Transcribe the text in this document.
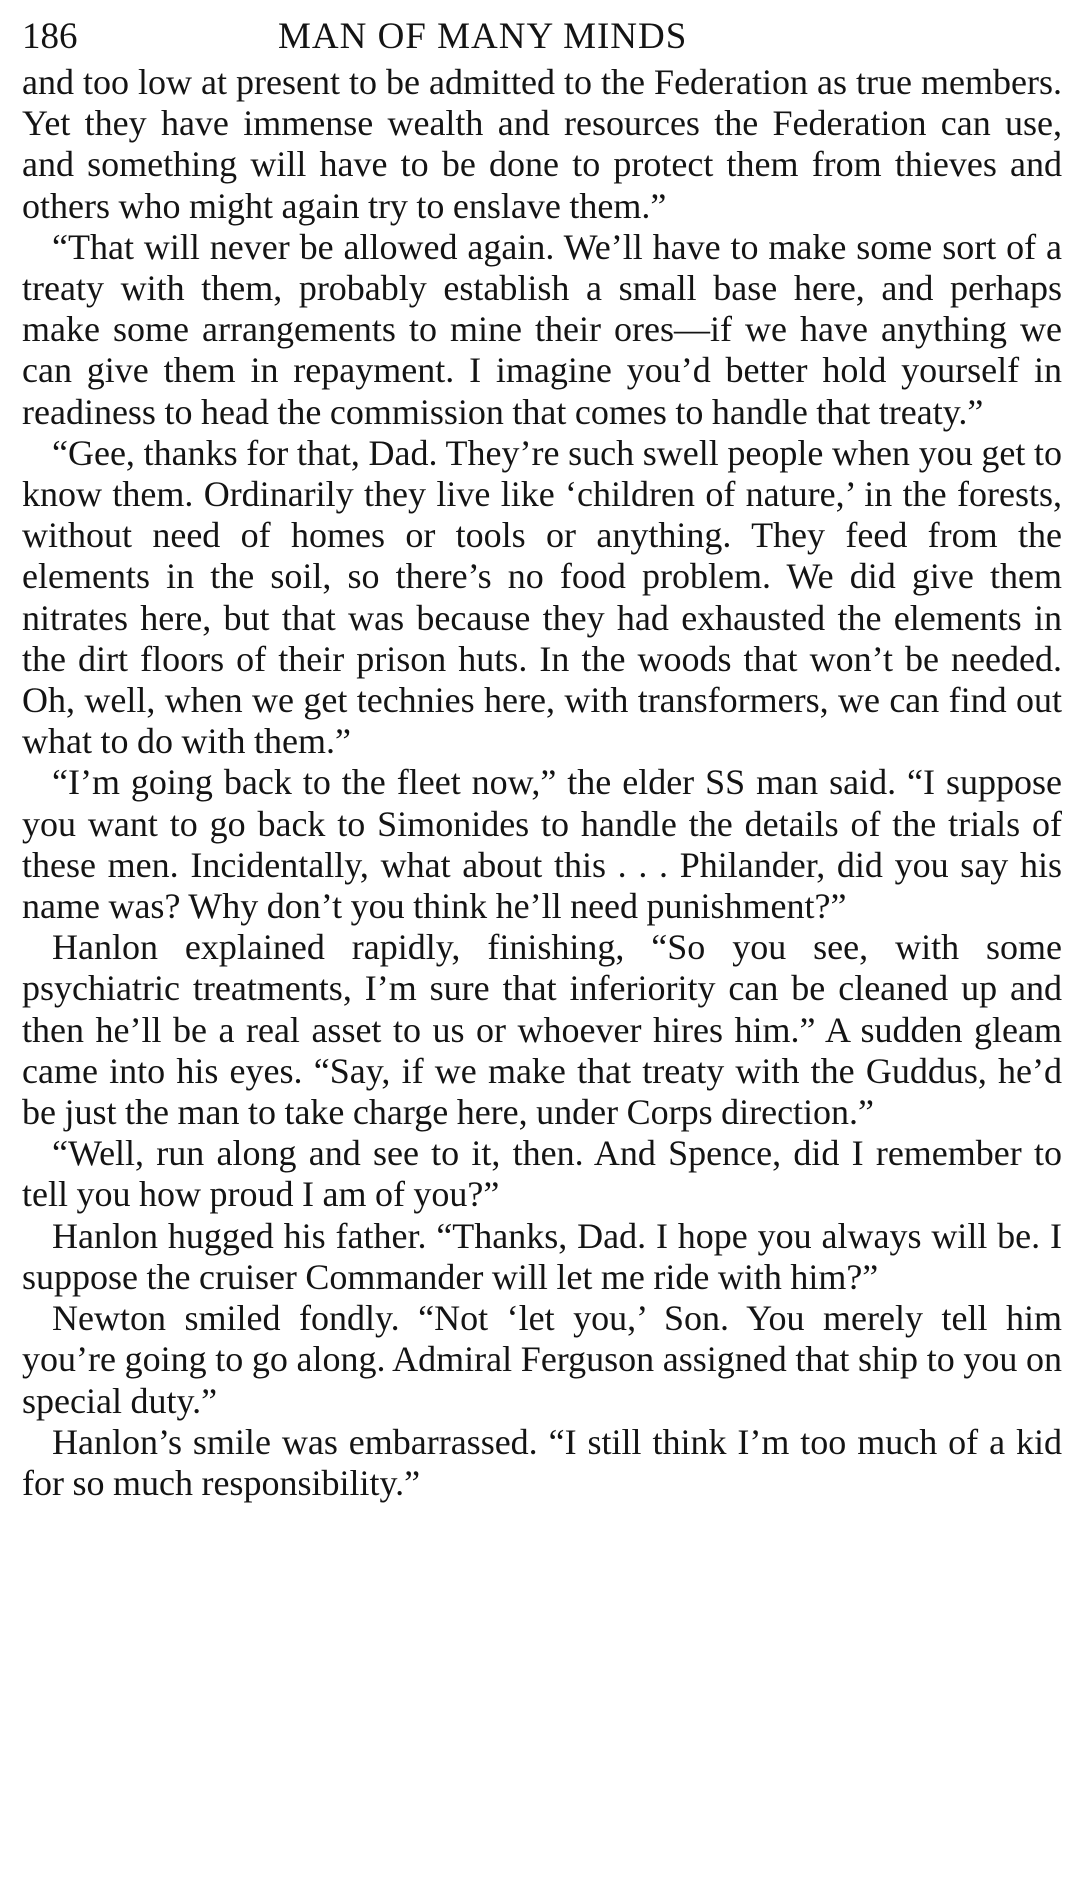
186	MAN OF MANY MINDS

and too low at present to be admitted to the Federation as true members. Yet they have immense wealth and resources the Federation can use, and something will have to be done to protect them from thieves and others who might again try to enslave them.”

“That will never be allowed again. We’ll have to make some sort of a treaty with them, probably establish a small base here, and perhaps make some arrangements to mine their ores—if we have anything we can give them in repayment. I imagine you’d better hold yourself in readiness to head the commission that comes to handle that treaty.”

“Gee, thanks for that, Dad. They’re such swell people when you get to know them. Ordinarily they live like ‘children of nature,’ in the forests, without need of homes or tools or anything. They feed from the elements in the soil, so there’s no food problem. We did give them nitrates here, but that was because they had exhausted the elements in the dirt floors of their prison huts. In the woods that won’t be needed. Oh, well, when we get technies here, with transformers, we can find out what to do with them.”

“I’m going back to the fleet now,” the elder SS man said. “I suppose you want to go back to Simonides to handle the details of the trials of these men. Incidentally, what about this . . . Philander, did you say his name was? Why don’t you think he’ll need punishment?”

Hanlon explained rapidly, finishing, “So you see, with some psychiatric treatments, I’m sure that inferiority can be cleaned up and then he’ll be a real asset to us or whoever hires him.” A sudden gleam came into his eyes. “Say, if we make that treaty with the Guddus, he’d be just the man to take charge here, under Corps direction.”

“Well, run along and see to it, then. And Spence, did I remember to tell you how proud I am of you?”

Hanlon hugged his father. “Thanks, Dad. I hope you always will be. I suppose the cruiser Commander will let me ride with him?”

Newton smiled fondly. “Not ‘let you,’ Son. You merely tell him you’re going to go along. Admiral Ferguson assigned that ship to you on special duty.”

Hanlon’s smile was embarrassed. “I still think I’m too much of a kid for so much responsibility.”
